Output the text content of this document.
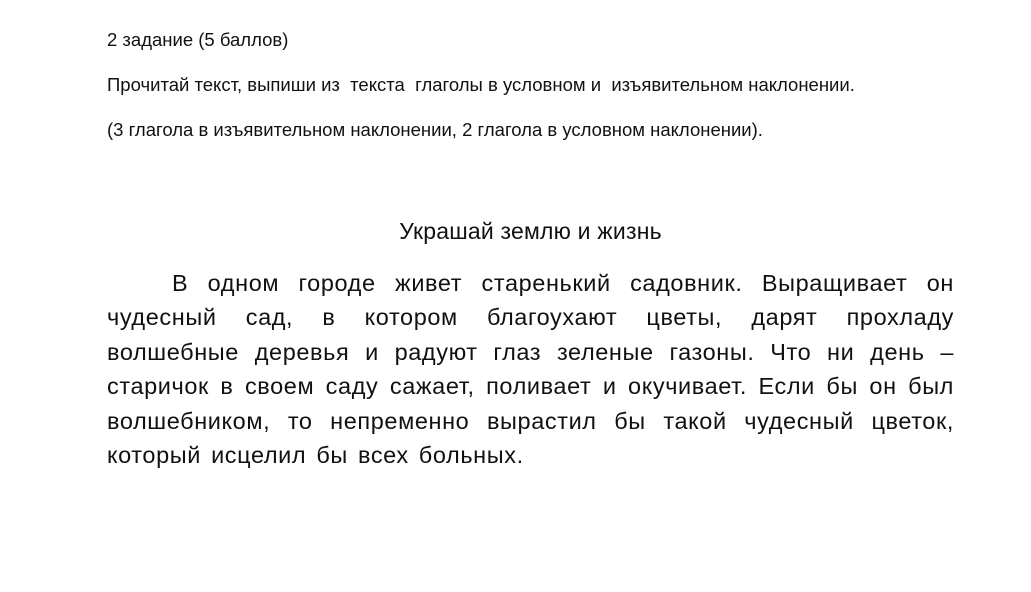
2 задание (5 баллов)

Прочитай текст, выпиши из  текста  глаголы в условном и  изъявительном наклонении.

(3 глагола в изъявительном наклонении, 2 глагола в условном наклонении).

Украшай землю и жизнь

В одном городе живет старенький садовник. Выращивает он чудесный сад, в котором благоухают цветы, дарят прохладу волшебные деревья и радуют глаз зеленые газоны. Что ни день – старичок в своем саду сажает, поливает и окучивает. Если бы он был волшебником, то непременно вырастил бы такой чудесный цветок, который исцелил бы всех больных.
